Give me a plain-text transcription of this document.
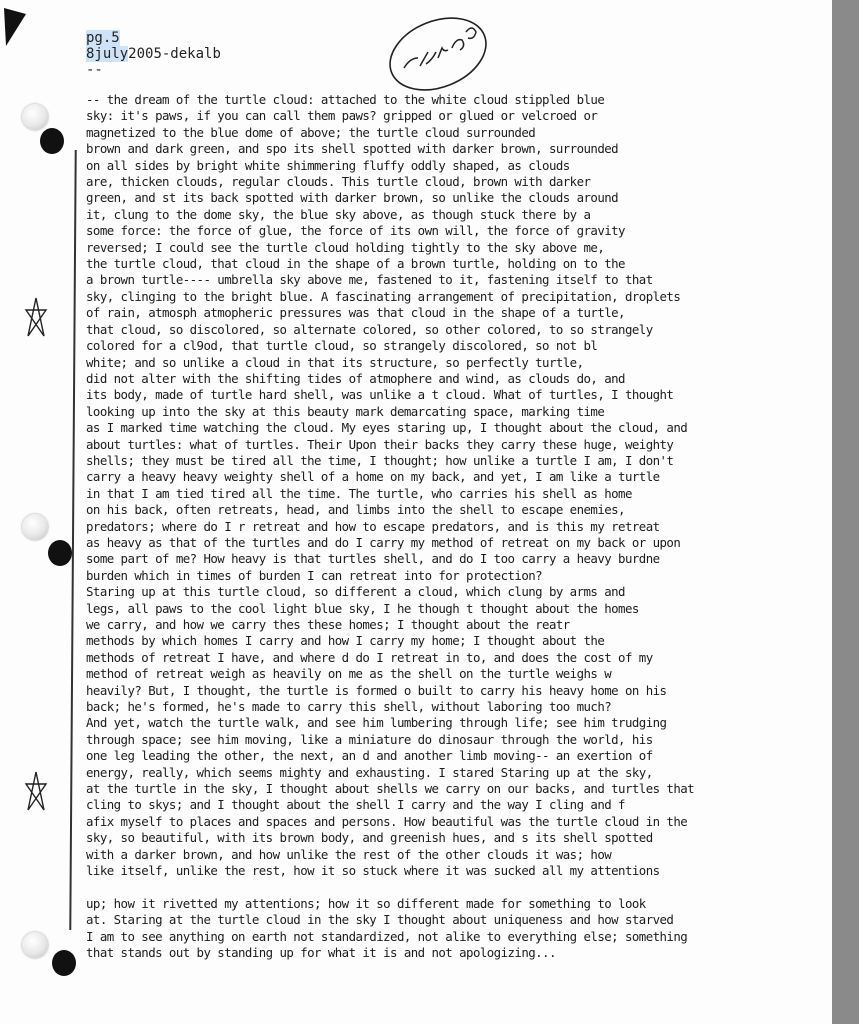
pg.5
8july2005-dekalb
--
-- the dream of the turtle cloud: attached to the white cloud stippled blue
sky: it's paws, if you can call them paws? gripped or glued or velcroed or
magnetized to the blue dome of above; the turtle cloud surrounded
brown and dark green, and spo its shell spotted with darker brown, surrounded
on all sides by bright white shimmering fluffy oddly shaped, as clouds
are, thicken clouds, regular clouds. This turtle cloud, brown with darker
green, and st its back spotted with darker brown, so unlike the clouds around
it, clung to the dome sky, the blue sky above, as though stuck there by a
some force: the force of glue, the force of its own will, the force of gravity
reversed; I could see the turtle cloud holding tightly to the sky above me,
the turtle cloud, that cloud in the shape of a brown turtle, holding on to the
a brown turtle---- umbrella sky above me, fastened to it, fastening itself to that
sky, clinging to the bright blue. A fascinating arrangement of precipitation, droplets
of rain, atmosph atmopheric pressures was that cloud in the shape of a turtle,
that cloud, so discolored, so alternate colored, so other colored, to so strangely
colored for a cl9od, that turtle cloud, so strangely discolored, so not bl
white; and so unlike a cloud in that its structure, so perfectly turtle,
did not alter with the shifting tides of atmophere and wind, as clouds do, and
its body, made of turtle hard shell, was unlike a t cloud. What of turtles, I thought
looking up into the sky at this beauty mark demarcating space, marking time
as I marked time watching the cloud. My eyes staring up, I thought about the cloud, and
about turtles: what of turtles. Their Upon their backs they carry these huge, weighty
shells; they must be tired all the time, I thought; how unlike a turtle I am, I don't
carry a heavy heavy weighty shell of a home on my back, and yet, I am like a turtle
in that I am tied tired all the time. The turtle, who carries his shell as home
on his back, often retreats, head, and limbs into the shell to escape enemies,
predators; where do I r retreat and how to escape predators, and is this my retreat
as heavy as that of the turtles and do I carry my method of retreat on my back or upon
some part of me? How heavy is that turtles shell, and do I too carry a heavy burdne
burden which in times of burden I can retreat into for protection?
Staring up at this turtle cloud, so different a cloud, which clung by arms and
legs, all paws to the cool light blue sky, I he though t thought about the homes
we carry, and how we carry thes these homes; I thought about the reatr
methods by which homes I carry and how I carry my home; I thought about the
methods of retreat I have, and where d do I retreat in to, and does the cost of my
method of retreat weigh as heavily on me as the shell on the turtle weighs w
heavily? But, I thought, the turtle is formed o built to carry his heavy home on his
back; he's formed, he's made to carry this shell, without laboring too much?
And yet, watch the turtle walk, and see him lumbering through life; see him trudging
through space; see him moving, like a miniature do dinosaur through the world, his
one leg leading the other, the next, an d and another limb moving-- an exertion of
energy, really, which seems mighty and exhausting. I stared Staring up at the sky,
at the turtle in the sky, I thought about shells we carry on our backs, and turtles that
cling to skys; and I thought about the shell I carry and the way I cling and f
afix myself to places and spaces and persons. How beautiful was the turtle cloud in the
sky, so beautiful, with its brown body, and greenish hues, and s its shell spotted
with a darker brown, and how unlike the rest of the other clouds it was; how
like itself, unlike the rest, how it so stuck where it was sucked all my attentions
up; how it rivetted my attentions; how it so different made for something to look
at. Staring at the turtle cloud in the sky I thought about uniqueness and how starved
I am to see anything on earth not standardized, not alike to everything else; something
that stands out by standing up for what it is and not apologizing...
